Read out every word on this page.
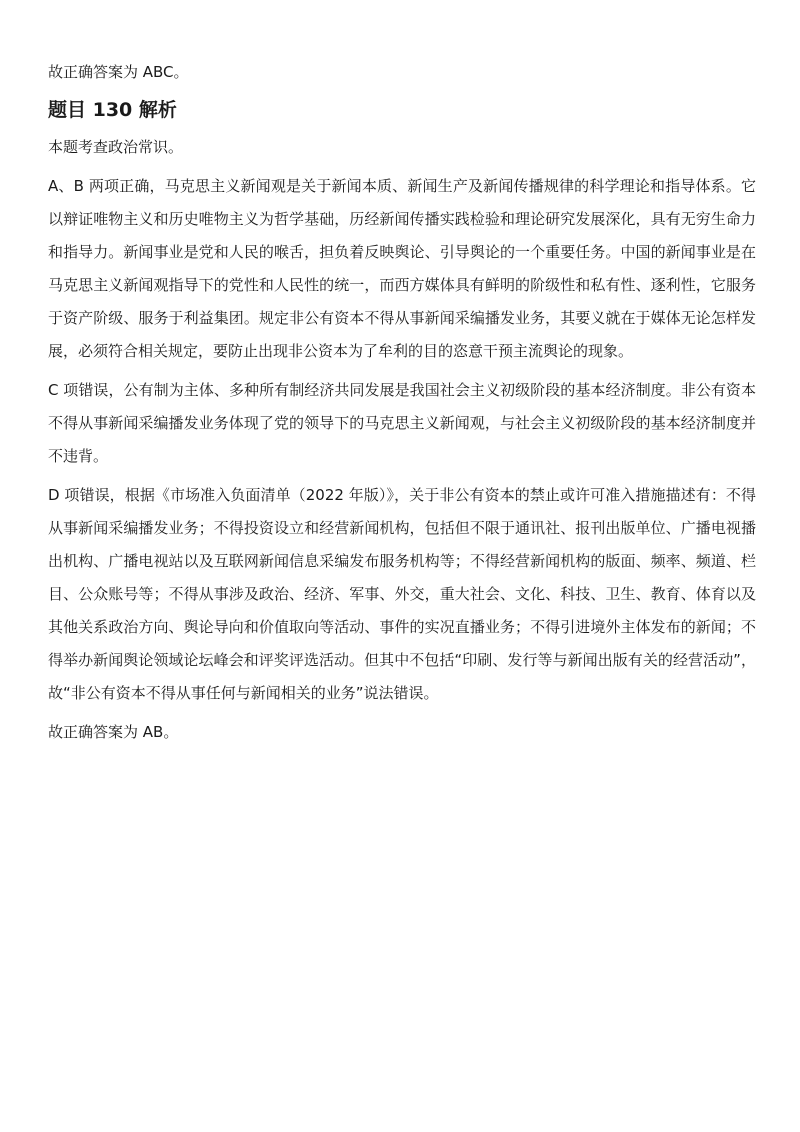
故正确答案为 ABC。

题目 130 解析

本题考查政治常识。

A、B 两项正确，马克思主义新闻观是关于新闻本质、新闻生产及新闻传播规律的科学理论和指导体系。它以辩证唯物主义和历史唯物主义为哲学基础，历经新闻传播实践检验和理论研究发展深化，具有无穷生命力和指导力。新闻事业是党和人民的喉舌，担负着反映舆论、引导舆论的一个重要任务。中国的新闻事业是在马克思主义新闻观指导下的党性和人民性的统一，而西方媒体具有鲜明的阶级性和私有性、逐利性，它服务于资产阶级、服务于利益集团。规定非公有资本不得从事新闻采编播发业务，其要义就在于媒体无论怎样发展，必须符合相关规定，要防止出现非公资本为了牟利的目的恣意干预主流舆论的现象。

C 项错误，公有制为主体、多种所有制经济共同发展是我国社会主义初级阶段的基本经济制度。非公有资本不得从事新闻采编播发业务体现了党的领导下的马克思主义新闻观，与社会主义初级阶段的基本经济制度并不违背。

D 项错误，根据《市场准入负面清单（2022 年版）》，关于非公有资本的禁止或许可准入措施描述有：不得从事新闻采编播发业务；不得投资设立和经营新闻机构，包括但不限于通讯社、报刊出版单位、广播电视播出机构、广播电视站以及互联网新闻信息采编发布服务机构等；不得经营新闻机构的版面、频率、频道、栏目、公众账号等；不得从事涉及政治、经济、军事、外交，重大社会、文化、科技、卫生、教育、体育以及其他关系政治方向、舆论导向和价值取向等活动、事件的实况直播业务；不得引进境外主体发布的新闻；不得举办新闻舆论领域论坛峰会和评奖评选活动。但其中不包括“印刷、发行等与新闻出版有关的经营活动”，故“非公有资本不得从事任何与新闻相关的业务”说法错误。

故正确答案为 AB。
